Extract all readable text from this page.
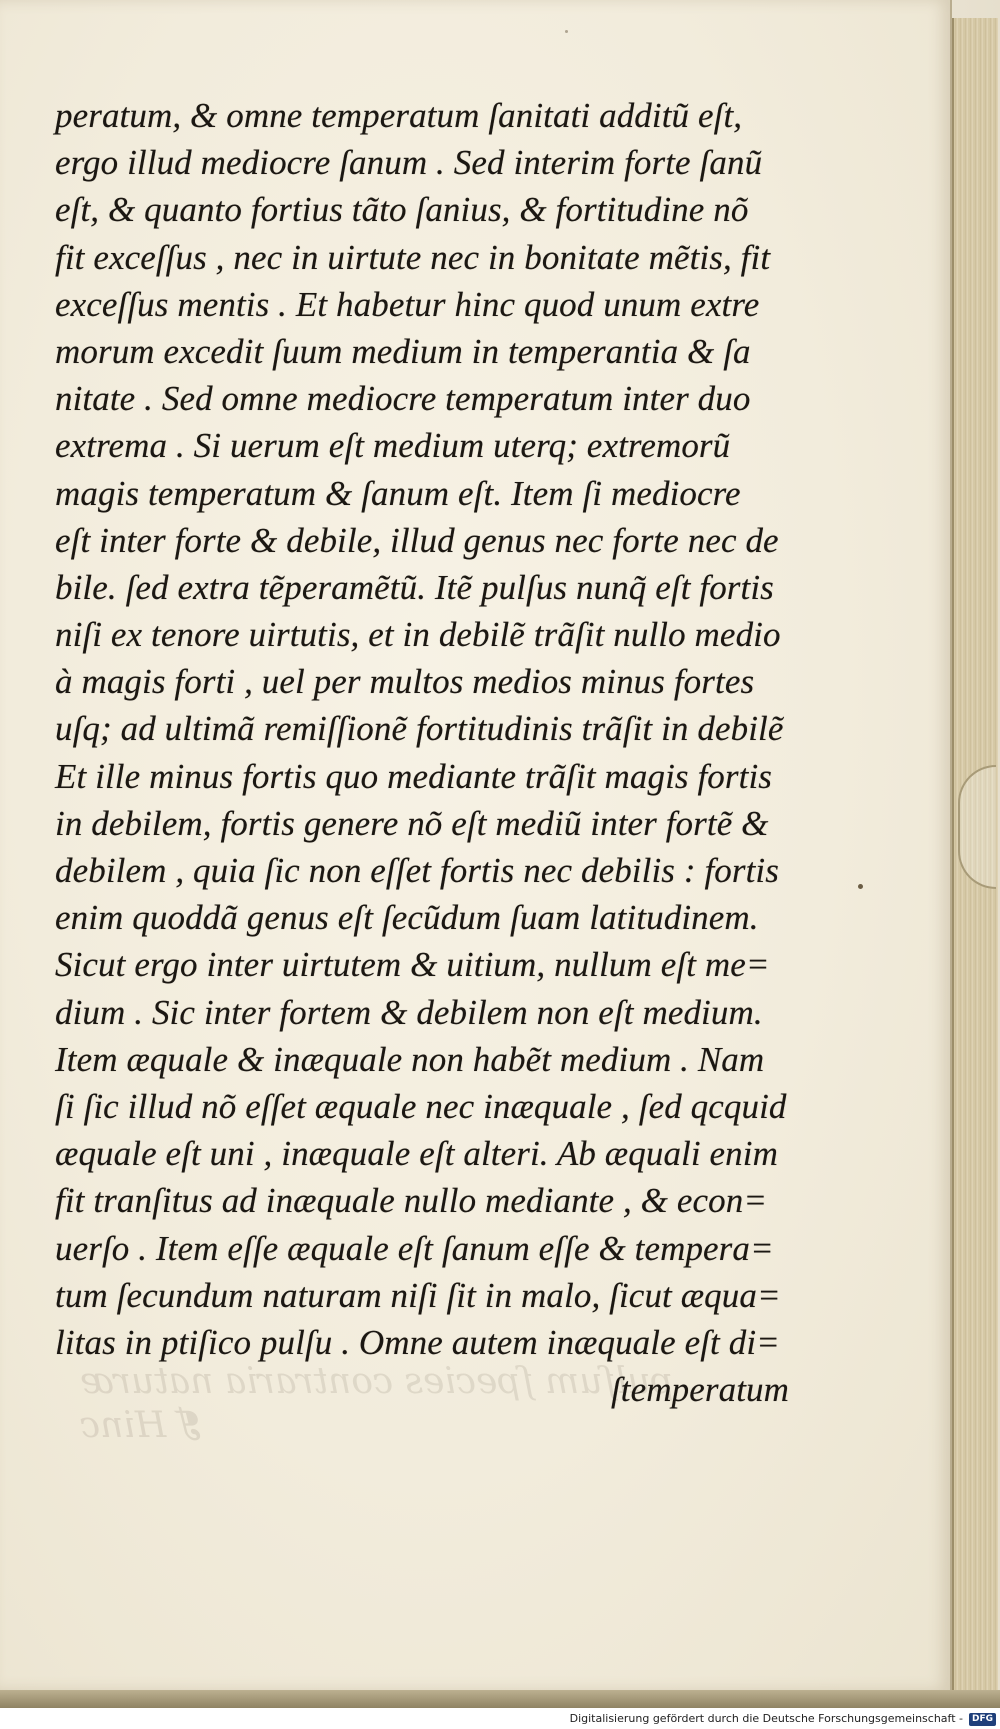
pulſum ſpecies contraria naturæ
❡ Hinc
peratum, & omne temperatum ſanitati additũ eſt,
ergo illud mediocre ſanum . Sed interim forte ſanũ
eſt, & quanto fortius tãto ſanius, & fortitudine nõ
fit exceſſus , nec in uirtute nec in bonitate mẽtis, fit
exceſſus mentis . Et habetur hinc quod unum extre
morum excedit ſuum medium in temperantia & ſa
nitate . Sed omne mediocre temperatum inter duo
extrema . Si uerum eſt medium uterq; extremorũ
magis temperatum & ſanum eſt. Item ſi mediocre
eſt inter forte & debile, illud genus nec forte nec de
bile. ſed extra tẽperamẽtũ. Itẽ pulſus nunq̃ eſt fortis
niſi ex tenore uirtutis, et in debilẽ trãſit nullo medio
à magis forti , uel per multos medios minus fortes
uſq; ad ultimã remiſſionẽ fortitudinis trãſit in debilẽ
Et ille minus fortis quo mediante trãſit magis fortis
in debilem, fortis genere nõ eſt mediũ inter fortẽ &
debilem , quia ſic non eſſet fortis nec debilis : fortis
enim quoddã genus eſt ſecũdum ſuam latitudinem.
Sicut ergo inter uirtutem & uitium, nullum eſt me=
dium . Sic inter fortem & debilem non eſt medium.
Item æquale & inæquale non habẽt medium . Nam
ſi ſic illud nõ eſſet æquale nec inæquale , ſed qcquid
æquale eſt uni , inæquale eſt alteri. Ab æquali enim
fit tranſitus ad inæquale nullo mediante , & econ=
uerſo . Item eſſe æquale eſt ſanum eſſe & tempera=
tum ſecundum naturam niſi ſit in malo, ſicut æqua=
litas in ptiſico pulſu . Omne autem inæquale eſt di=
ſtemperatum
Digitalisierung gefördert durch die Deutsche Forschungsgemeinschaft - DFG
